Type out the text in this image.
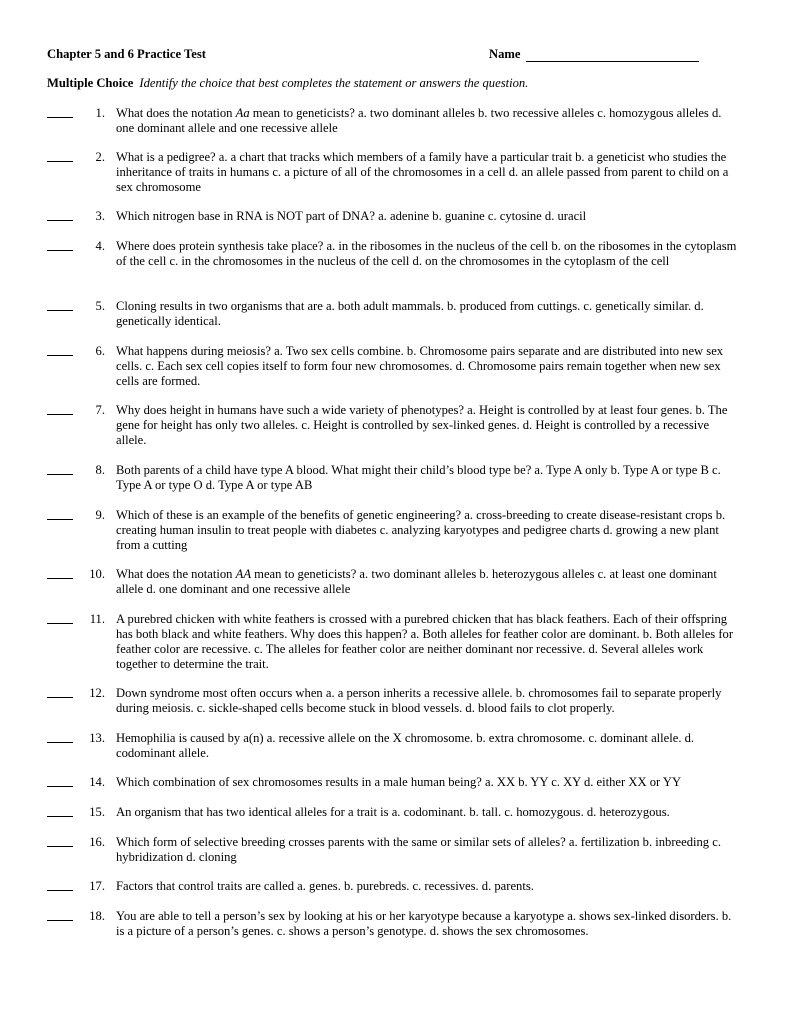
Chapter 5 and 6 Practice Test	Name
Multiple Choice Identify the choice that best completes the statement or answers the question.
1. What does the notation Aa mean to geneticists? a. two dominant alleles b. two recessive alleles c. homozygous alleles d. one dominant allele and one recessive allele
2. What is a pedigree? a. a chart that tracks which members of a family have a particular trait b. a geneticist who studies the inheritance of traits in humans c. a picture of all of the chromosomes in a cell d. an allele passed from parent to child on a sex chromosome
3. Which nitrogen base in RNA is NOT part of DNA? a. adenine b. guanine c. cytosine d. uracil
4. Where does protein synthesis take place? a. in the ribosomes in the nucleus of the cell b. on the ribosomes in the cytoplasm of the cell c. in the chromosomes in the nucleus of the cell d. on the chromosomes in the cytoplasm of the cell
5. Cloning results in two organisms that are a. both adult mammals. b. produced from cuttings. c. genetically similar. d. genetically identical.
6. What happens during meiosis? a. Two sex cells combine. b. Chromosome pairs separate and are distributed into new sex cells. c. Each sex cell copies itself to form four new chromosomes. d. Chromosome pairs remain together when new sex cells are formed.
7. Why does height in humans have such a wide variety of phenotypes? a. Height is controlled by at least four genes. b. The gene for height has only two alleles. c. Height is controlled by sex-linked genes. d. Height is controlled by a recessive allele.
8. Both parents of a child have type A blood. What might their child’s blood type be? a. Type A only b. Type A or type B c. Type A or type O d. Type A or type AB
9. Which of these is an example of the benefits of genetic engineering? a. cross-breeding to create disease-resistant crops b. creating human insulin to treat people with diabetes c. analyzing karyotypes and pedigree charts d. growing a new plant from a cutting
10. What does the notation AA mean to geneticists? a. two dominant alleles b. heterozygous alleles c. at least one dominant allele d. one dominant and one recessive allele
11. A purebred chicken with white feathers is crossed with a purebred chicken that has black feathers. Each of their offspring has both black and white feathers. Why does this happen? a. Both alleles for feather color are dominant. b. Both alleles for feather color are recessive. c. The alleles for feather color are neither dominant nor recessive. d. Several alleles work together to determine the trait.
12. Down syndrome most often occurs when a. a person inherits a recessive allele. b. chromosomes fail to separate properly during meiosis. c. sickle-shaped cells become stuck in blood vessels. d. blood fails to clot properly.
13. Hemophilia is caused by a(n) a. recessive allele on the X chromosome. b. extra chromosome. c. dominant allele. d. codominant allele.
14. Which combination of sex chromosomes results in a male human being? a. XX b. YY c. XY d. either XX or YY
15. An organism that has two identical alleles for a trait is a. codominant. b. tall. c. homozygous. d. heterozygous.
16. Which form of selective breeding crosses parents with the same or similar sets of alleles? a. fertilization b. inbreeding c. hybridization d. cloning
17. Factors that control traits are called a. genes. b. purebreds. c. recessives. d. parents.
18. You are able to tell a person’s sex by looking at his or her karyotype because a karyotype a. shows sex-linked disorders. b. is a picture of a person’s genes. c. shows a person’s genotype. d. shows the sex chromosomes.
